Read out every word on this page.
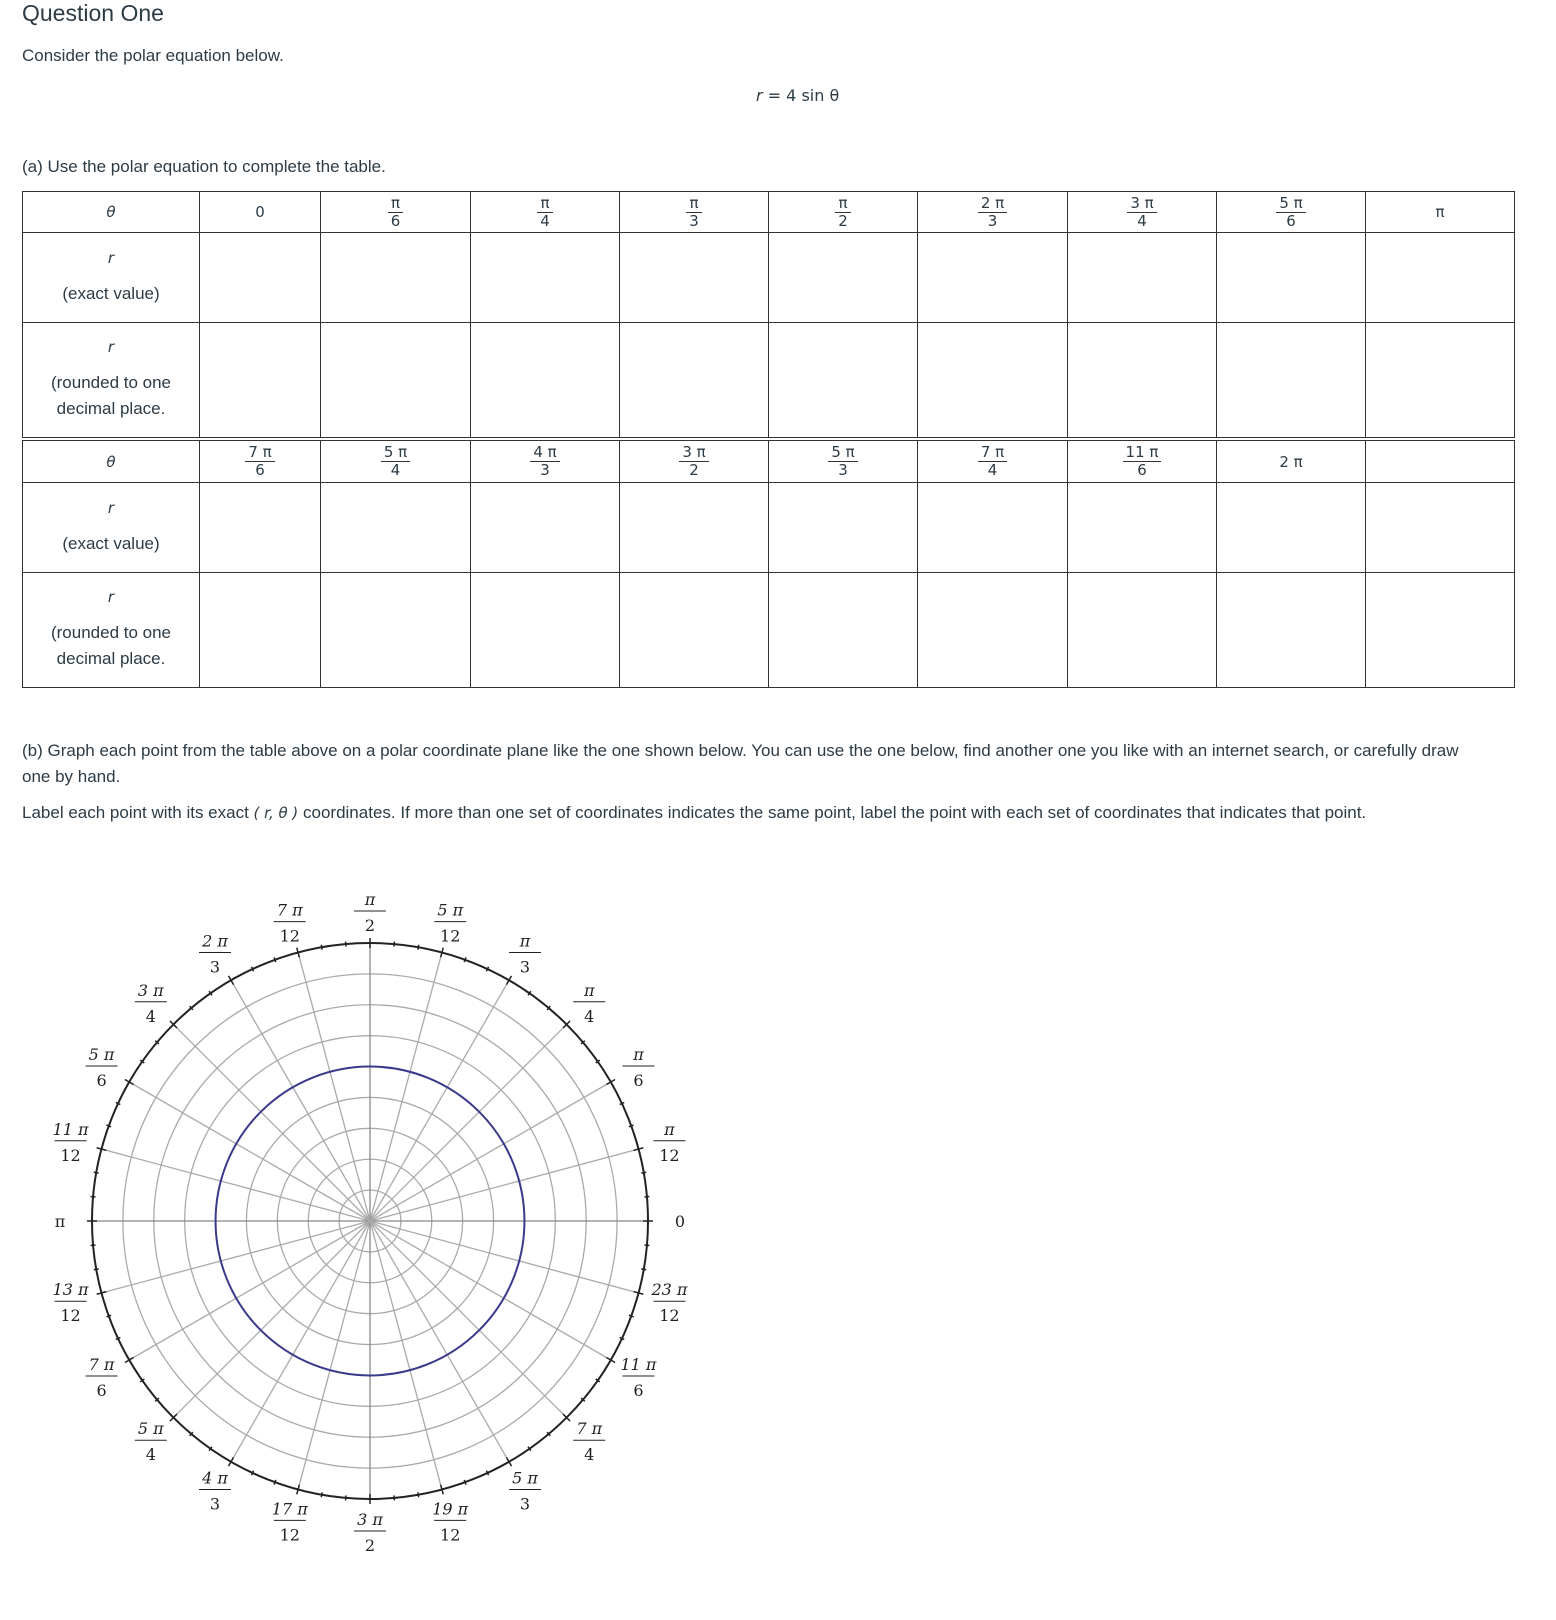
Question One
Consider the polar equation below.
r = 4 sin θ
(a) Use the polar equation to complete the table.
θ	0	$\frac{\pi}{6}$	$\frac{\pi}{4}$	$\frac{\pi}{3}$	$\frac{\pi}{2}$	$\frac{2 \pi}{3}$	$\frac{3 \pi}{4}$	$\frac{5 \pi}{6}$	π

r
(exact value)									

r
(rounded to one
decimal place.									

θ	$\frac{7 \pi}{6}$	$\frac{5 \pi}{4}$	$\frac{4 \pi}{3}$	$\frac{3 \pi}{2}$	$\frac{5 \pi}{3}$	$\frac{7 \pi}{4}$	$\frac{11 \pi}{6}$	2 π	

r
(exact value)									

r
(rounded to one
decimal place.									

(b) Graph each point from the table above on a polar coordinate plane like the one shown below. You can use the one below, find another one you like with an internet search, or carefully draw
one by hand.
Label each point with its exact ( r, θ ) coordinates. If more than one set of coordinates indicates the same point, label the point with each set of coordinates that indicates that point.
0
π
12
π
6
π
4
π
3
5 π
12
π
2
7 π
12
2 π
3
3 π
4
5 π
6
11 π
12
π
13 π
12
7 π
6
5 π
4
4 π
3	17 π
12
3 π
2
19 π
12
5 π
3
7 π
4
11 π
6
23 π
12
